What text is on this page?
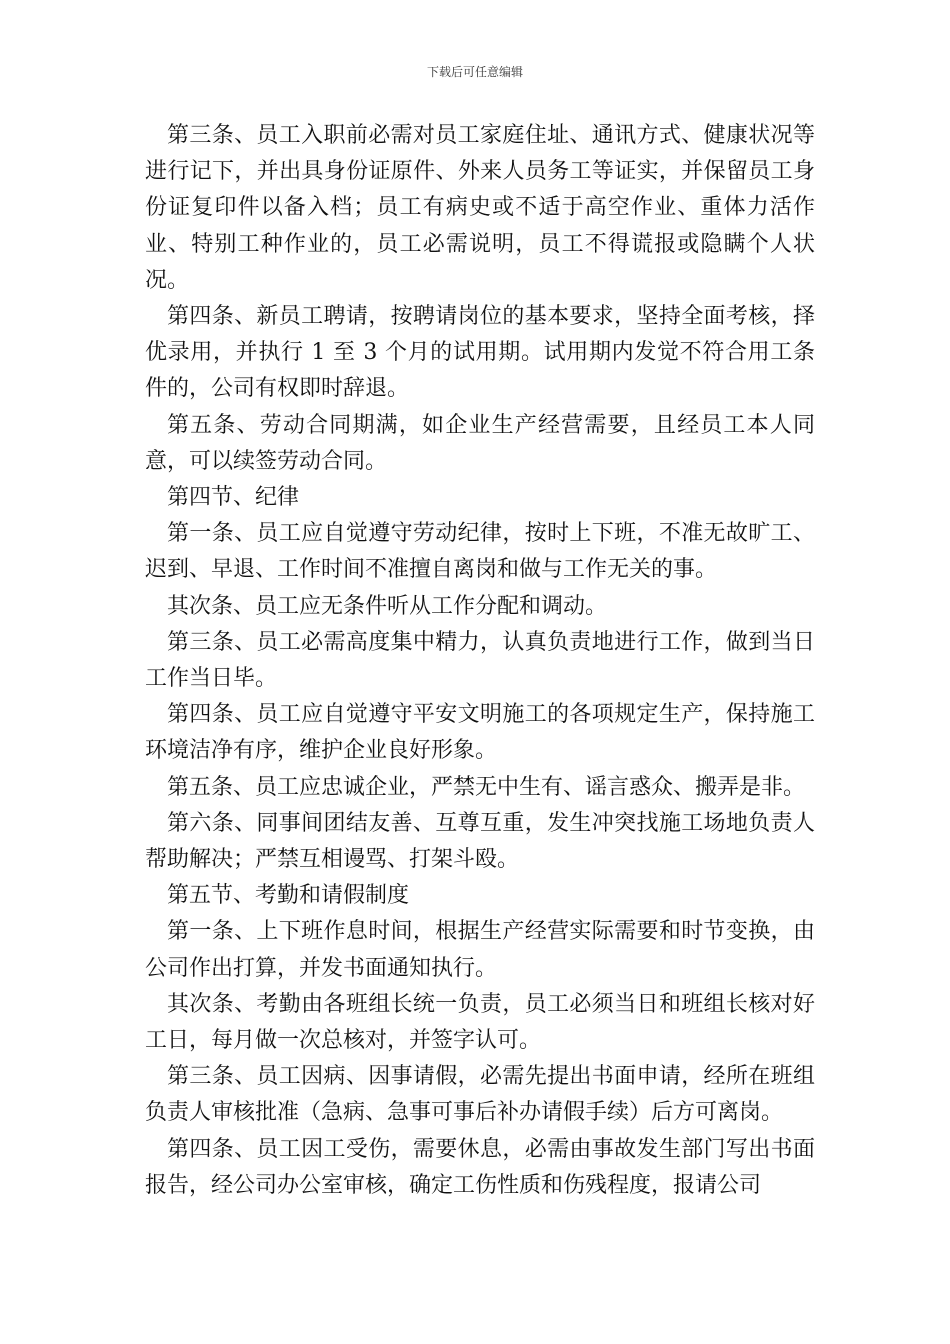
下载后可任意编辑

第三条、员工入职前必需对员工家庭住址、通讯方式、健康状况等进行记下，并出具身份证原件、外来人员务工等证实，并保留员工身份证复印件以备入档；员工有病史或不适于高空作业、重体力活作业、特别工种作业的，员工必需说明，员工不得谎报或隐瞒个人状况。

第四条、新员工聘请，按聘请岗位的基本要求，坚持全面考核，择优录用，并执行 1 至 3 个月的试用期。试用期内发觉不符合用工条件的，公司有权即时辞退。

第五条、劳动合同期满，如企业生产经营需要，且经员工本人同意，可以续签劳动合同。

第四节、纪律

第一条、员工应自觉遵守劳动纪律，按时上下班，不准无故旷工、迟到、早退、工作时间不准擅自离岗和做与工作无关的事。

其次条、员工应无条件听从工作分配和调动。

第三条、员工必需高度集中精力，认真负责地进行工作，做到当日工作当日毕。

第四条、员工应自觉遵守平安文明施工的各项规定生产，保持施工环境洁净有序，维护企业良好形象。

第五条、员工应忠诚企业，严禁无中生有、谣言惑众、搬弄是非。

第六条、同事间团结友善、互尊互重，发生冲突找施工场地负责人帮助解决；严禁互相谩骂、打架斗殴。

第五节、考勤和请假制度

第一条、上下班作息时间，根据生产经营实际需要和时节变换，由公司作出打算，并发书面通知执行。

其次条、考勤由各班组长统一负责，员工必须当日和班组长核对好工日，每月做一次总核对，并签字认可。

第三条、员工因病、因事请假，必需先提出书面申请，经所在班组负责人审核批准（急病、急事可事后补办请假手续）后方可离岗。

第四条、员工因工受伤，需要休息，必需由事故发生部门写出书面报告，经公司办公室审核，确定工伤性质和伤残程度，报请公司
